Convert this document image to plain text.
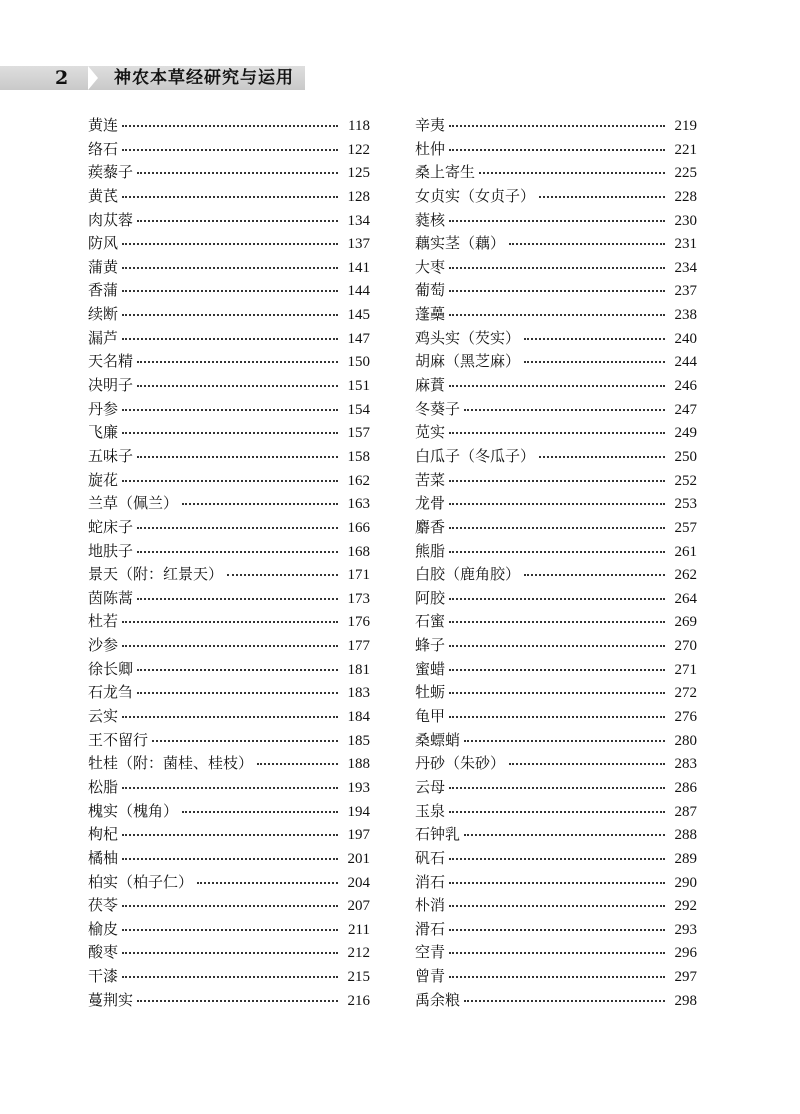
2	神农本草经研究与运用
黄连	118
络石	122
蒺藜子	125
黄芪	128
肉苁蓉	134
防风	137
蒲黄	141
香蒲	144
续断	145
漏芦	147
天名精	150
决明子	151
丹参	154
飞廉	157
五味子	158
旋花	162
兰草（佩兰）	163
蛇床子	166
地肤子	168
景天（附：红景天）	171
茵陈蒿	173
杜若	176
沙参	177
徐长卿	181
石龙刍	183
云实	184
王不留行	185
牡桂（附：菌桂、桂枝）	188
松脂	193
槐实（槐角）	194
枸杞	197
橘柚	201
柏实（柏子仁）	204
茯苓	207
榆皮	211
酸枣	212
干漆	215
蔓荆实	216
辛夷	219
杜仲	221
桑上寄生	225
女贞实（女贞子）	228
蕤核	230
藕实茎（藕）	231
大枣	234
葡萄	237
蓬蘽	238
鸡头实（芡实）	240
胡麻（黑芝麻）	244
麻蕡	246
冬葵子	247
苋实	249
白瓜子（冬瓜子）	250
苦菜	252
龙骨	253
麝香	257
熊脂	261
白胶（鹿角胶）	262
阿胶	264
石蜜	269
蜂子	270
蜜蜡	271
牡蛎	272
龟甲	276
桑螵蛸	280
丹砂（朱砂）	283
云母	286
玉泉	287
石钟乳	288
矾石	289
消石	290
朴消	292
滑石	293
空青	296
曾青	297
禹余粮	298
